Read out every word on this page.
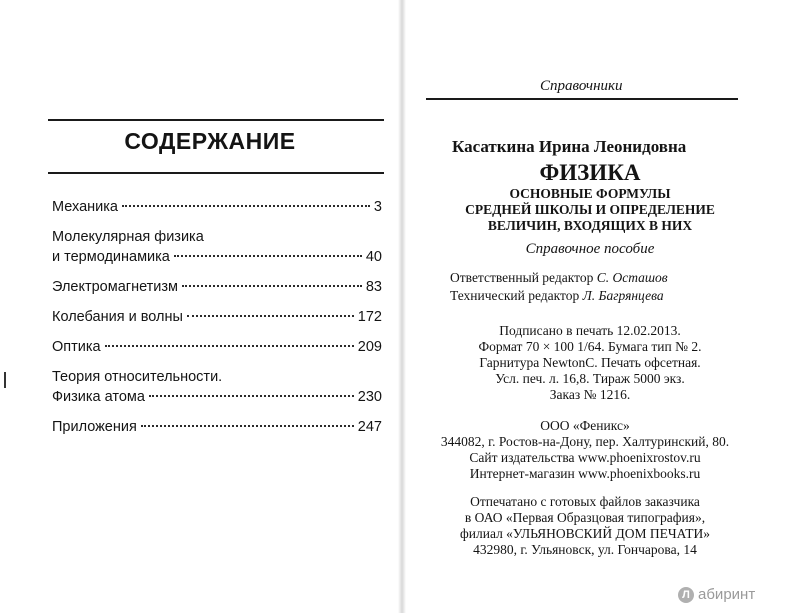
СОДЕРЖАНИЕ
Механика	3
Молекулярная физика
и термодинамика	40
Электромагнетизм	83
Колебания и волны	172
Оптика	209
Теория относительности.
Физика атома	230
Приложения	247
Справочники
Касаткина Ирина Леонидовна
ФИЗИКА
ОСНОВНЫЕ ФОРМУЛЫ
СРЕДНЕЙ ШКОЛЫ И ОПРЕДЕЛЕНИЕ
ВЕЛИЧИН, ВХОДЯЩИХ В НИХ
Справочное пособие
Ответственный редактор С. Осташов
Технический редактор Л. Багрянцева
Подписано в печать 12.02.2013.
Формат 70 × 100 1/64. Бумага тип № 2.
Гарнитура NewtonC. Печать офсетная.
Усл. печ. л. 16,8. Тираж 5000 экз.
Заказ № 1216.
ООО «Феникс»
344082, г. Ростов-на-Дону, пер. Халтуринский, 80.
Сайт издательства www.phoenixrostov.ru
Интернет-магазин www.phoenixbooks.ru
Отпечатано с готовых файлов заказчика
в ОАО «Первая Образцовая типография»,
филиал «УЛЬЯНОВСКИЙ ДОМ ПЕЧАТИ»
432980, г. Ульяновск, ул. Гончарова, 14
Л абиринт
